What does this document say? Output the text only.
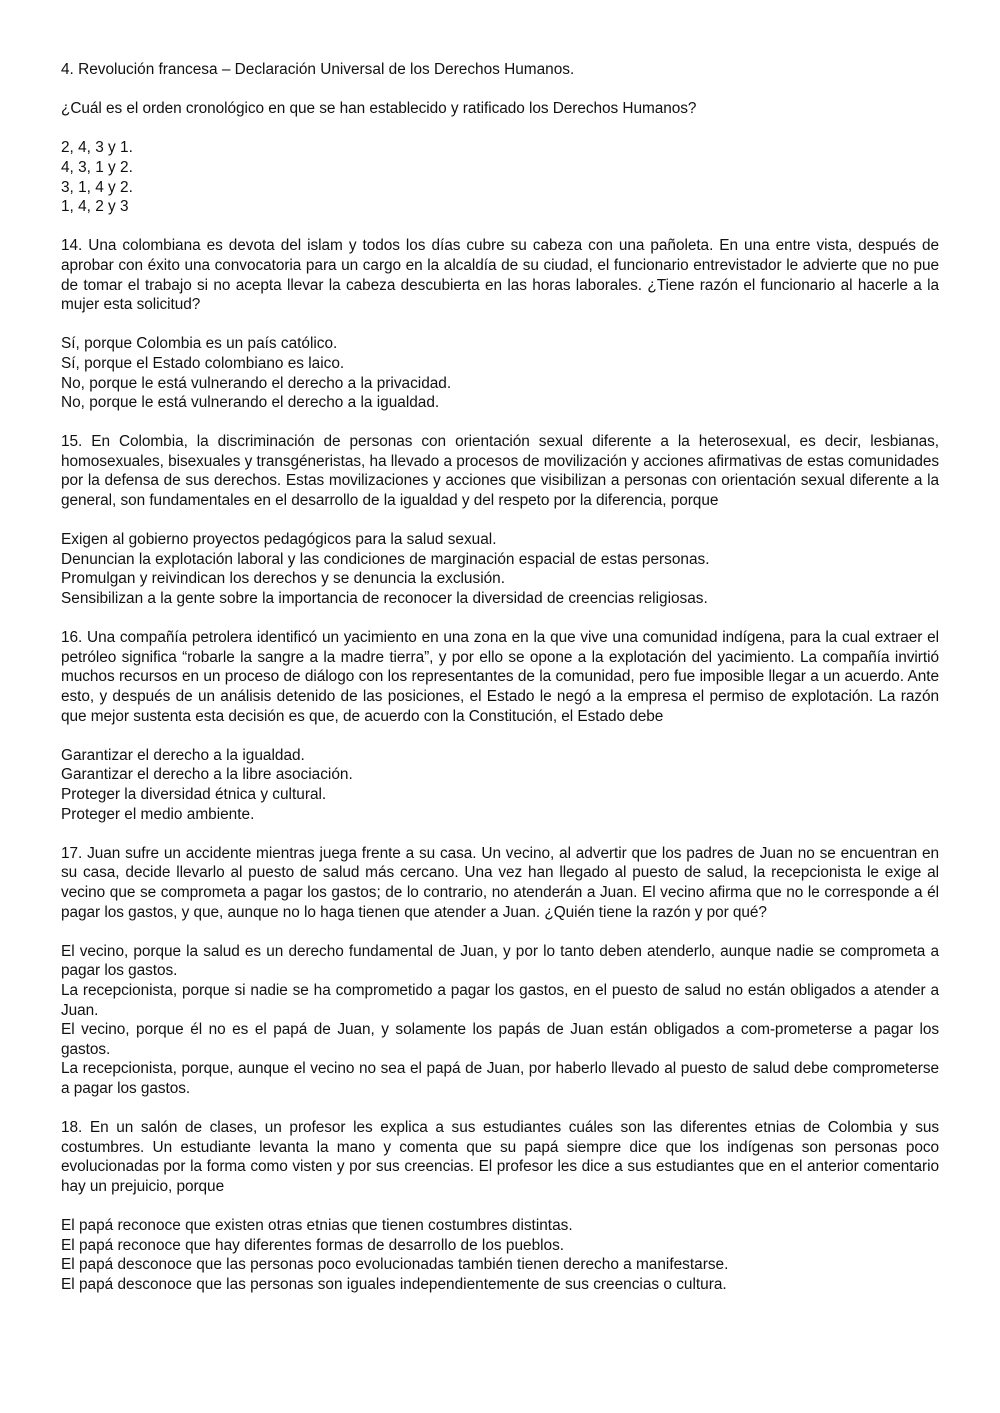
4. Revolución francesa – Declaración Universal de los Derechos Humanos.

¿Cuál es el orden cronológico en que se han establecido y ratificado los Derechos Humanos?

2, 4, 3 y 1.
4, 3, 1 y 2.
3, 1, 4 y 2.
1, 4, 2 y 3

14. Una colombiana es devota del islam y todos los días cubre su cabeza con una pañoleta. En una entre vista, después de aprobar con éxito una convocatoria para un cargo en la alcaldía de su ciudad, el funcionario entrevistador le advierte que no pue de tomar el trabajo si no acepta llevar la cabeza descubierta en las horas laborales. ¿Tiene razón el funcionario al hacerle a la mujer esta solicitud?

Sí, porque Colombia es un país católico.
Sí, porque el Estado colombiano es laico.
No, porque le está vulnerando el derecho a la privacidad.
No, porque le está vulnerando el derecho a la igualdad.

15. En Colombia, la discriminación de personas con orientación sexual diferente a la heterosexual, es decir, lesbianas, homosexuales, bisexuales y transgéneristas, ha llevado a procesos de movilización y acciones afirmativas de estas comunidades por la defensa de sus derechos. Estas movilizaciones y acciones que visibilizan a personas con orientación sexual diferente a la general, son fundamentales en el desarrollo de la igualdad y del respeto por la diferencia, porque

Exigen al gobierno proyectos pedagógicos para la salud sexual.
Denuncian la explotación laboral y las condiciones de marginación espacial de estas personas.
Promulgan y reivindican los derechos y se denuncia la exclusión.
Sensibilizan a la gente sobre la importancia de reconocer la diversidad de creencias religiosas.

16. Una compañía petrolera identificó un yacimiento en una zona en la que vive una comunidad indígena, para la cual extraer el petróleo significa “robarle la sangre a la madre tierra”, y por ello se opone a la explotación del yacimiento. La compañía invirtió muchos recursos en un proceso de diálogo con los representantes de la comunidad, pero fue imposible llegar a un acuerdo. Ante esto, y después de un análisis detenido de las posiciones, el Estado le negó a la empresa el permiso de explotación. La razón que mejor sustenta esta decisión es que, de acuerdo con la Constitución, el Estado debe

Garantizar el derecho a la igualdad.
Garantizar el derecho a la libre asociación.
Proteger la diversidad étnica y cultural.
Proteger el medio ambiente.

17. Juan sufre un accidente mientras juega frente a su casa. Un vecino, al advertir que los padres de Juan no se encuentran en su casa, decide llevarlo al puesto de salud más cercano. Una vez han llegado al puesto de salud, la recepcionista le exige al vecino que se comprometa a pagar los gastos; de lo contrario, no atenderán a Juan. El vecino afirma que no le corresponde a él pagar los gastos, y que, aunque no lo haga tienen que atender a Juan. ¿Quién tiene la razón y por qué?

El vecino, porque la salud es un derecho fundamental de Juan, y por lo tanto deben atenderlo, aunque nadie se comprometa a pagar los gastos.

La recepcionista, porque si nadie se ha comprometido a pagar los gastos, en el puesto de salud no están obligados a atender a Juan.

El vecino, porque él no es el papá de Juan, y solamente los papás de Juan están obligados a com-prometerse a pagar los gastos.

La recepcionista, porque, aunque el vecino no sea el papá de Juan, por haberlo llevado al puesto de salud debe comprometerse a pagar los gastos.

18. En un salón de clases, un profesor les explica a sus estudiantes cuáles son las diferentes etnias de Colombia y sus costumbres. Un estudiante levanta la mano y comenta que su papá siempre dice que los indígenas son personas poco evolucionadas por la forma como visten y por sus creencias. El profesor les dice a sus estudiantes que en el anterior comentario hay un prejuicio, porque

El papá reconoce que existen otras etnias que tienen costumbres distintas.
El papá reconoce que hay diferentes formas de desarrollo de los pueblos.
El papá desconoce que las personas poco evolucionadas también tienen derecho a manifestarse.
El papá desconoce que las personas son iguales independientemente de sus creencias o cultura.
